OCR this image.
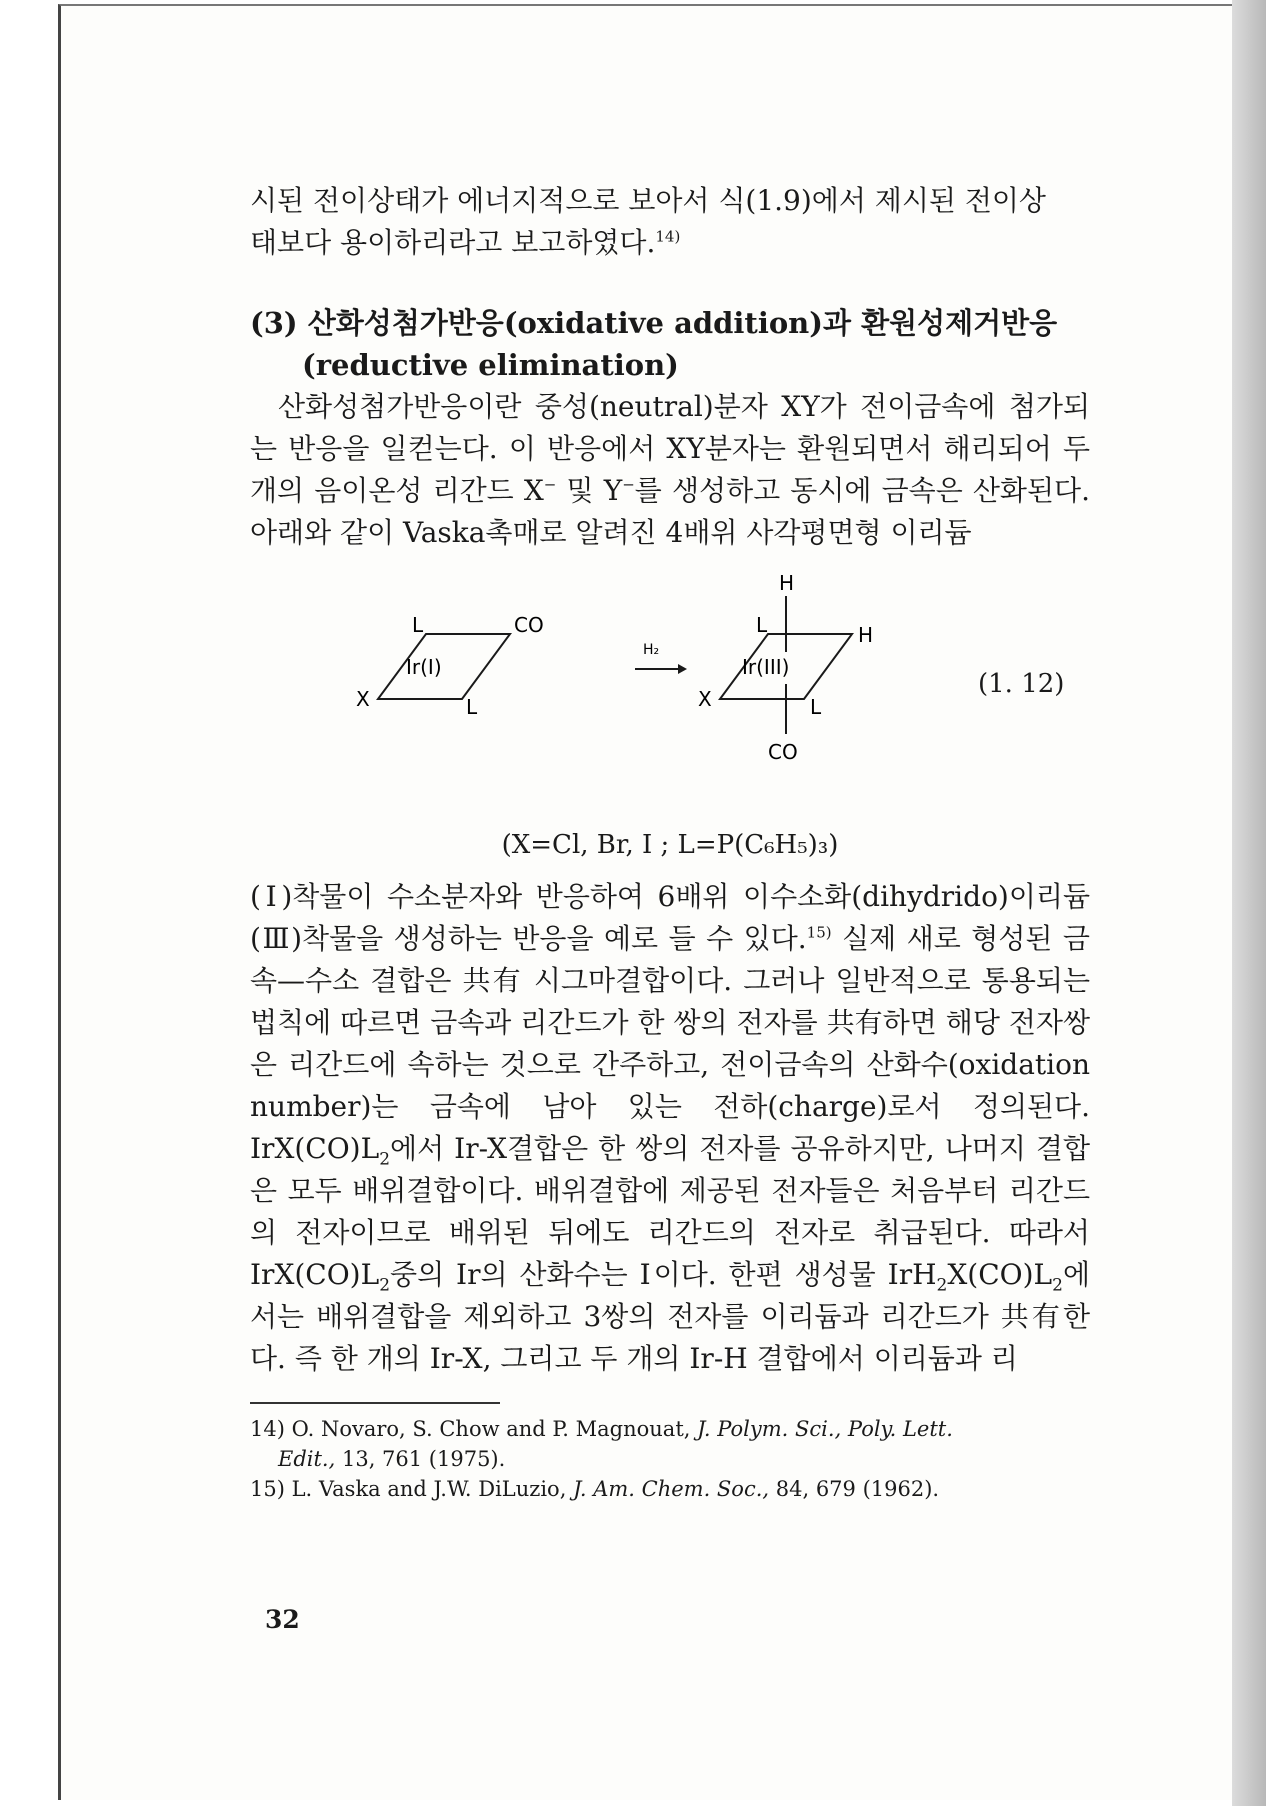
시된 전이상태가 에너지적으로 보아서 식(1.9)에서 제시된 전이상
태보다 용이하리라고 보고하였다.$^{14)}$

(3) 산화성첨가반응(oxidative addition)과 환원성제거반응
(reductive elimination)

산화성첨가반응이란 중성(neutral)분자 XY가 전이금속에 첨가되는 반응을 일컫는다. 이 반응에서 XY분자는 환원되면서 해리되어 두 개의 음이온성 리간드 X− 및 Y−를 생성하고 동시에 금속은 산화된다. 아래와 같이 Vaska촉매로 알려진 4배위 사각평면형 이리듐

Ir(I)
L	CO
X	L
H₂
Ir(III)
H
L	H
X	L
CO
(1. 12)
(X=Cl, Br, I ; L=P(C₆H₅)₃)

(Ⅰ)착물이 수소분자와 반응하여 6배위 이수소화(dihydrido)이리듐(Ⅲ)착물을 생성하는 반응을 예로 들 수 있다.$^{15)}$ 실제 새로 형성된 금속—수소 결합은 共有 시그마결합이다. 그러나 일반적으로 통용되는 법칙에 따르면 금속과 리간드가 한 쌍의 전자를 共有하면 해당 전자쌍은 리간드에 속하는 것으로 간주하고, 전이금속의 산화수(oxidation number)는 금속에 남아 있는 전하(charge)로서 정의된다. $IrX(CO)L_2$에서 Ir-X결합은 한 쌍의 전자를 공유하지만, 나머지 결합은 모두 배위결합이다. 배위결합에 제공된 전자들은 처음부터 리간드의 전자이므로 배위된 뒤에도 리간드의 전자로 취급된다. 따라서 $IrX(CO)L_2$중의 Ir의 산화수는 Ⅰ이다. 한편 생성물 $IrH_2X(CO)L_2$에서는 배위결합을 제외하고 3쌍의 전자를 이리듐과 리간드가 共有한다. 즉 한 개의 Ir-X, 그리고 두 개의 Ir-H 결합에서 이리듐과 리

14) O. Novaro, S. Chow and P. Magnouat, J. Polym. Sci., Poly. Lett.
Edit., 13, 761 (1975).

15) L. Vaska and J.W. DiLuzio, J. Am. Chem. Soc., 84, 679 (1962).

32
